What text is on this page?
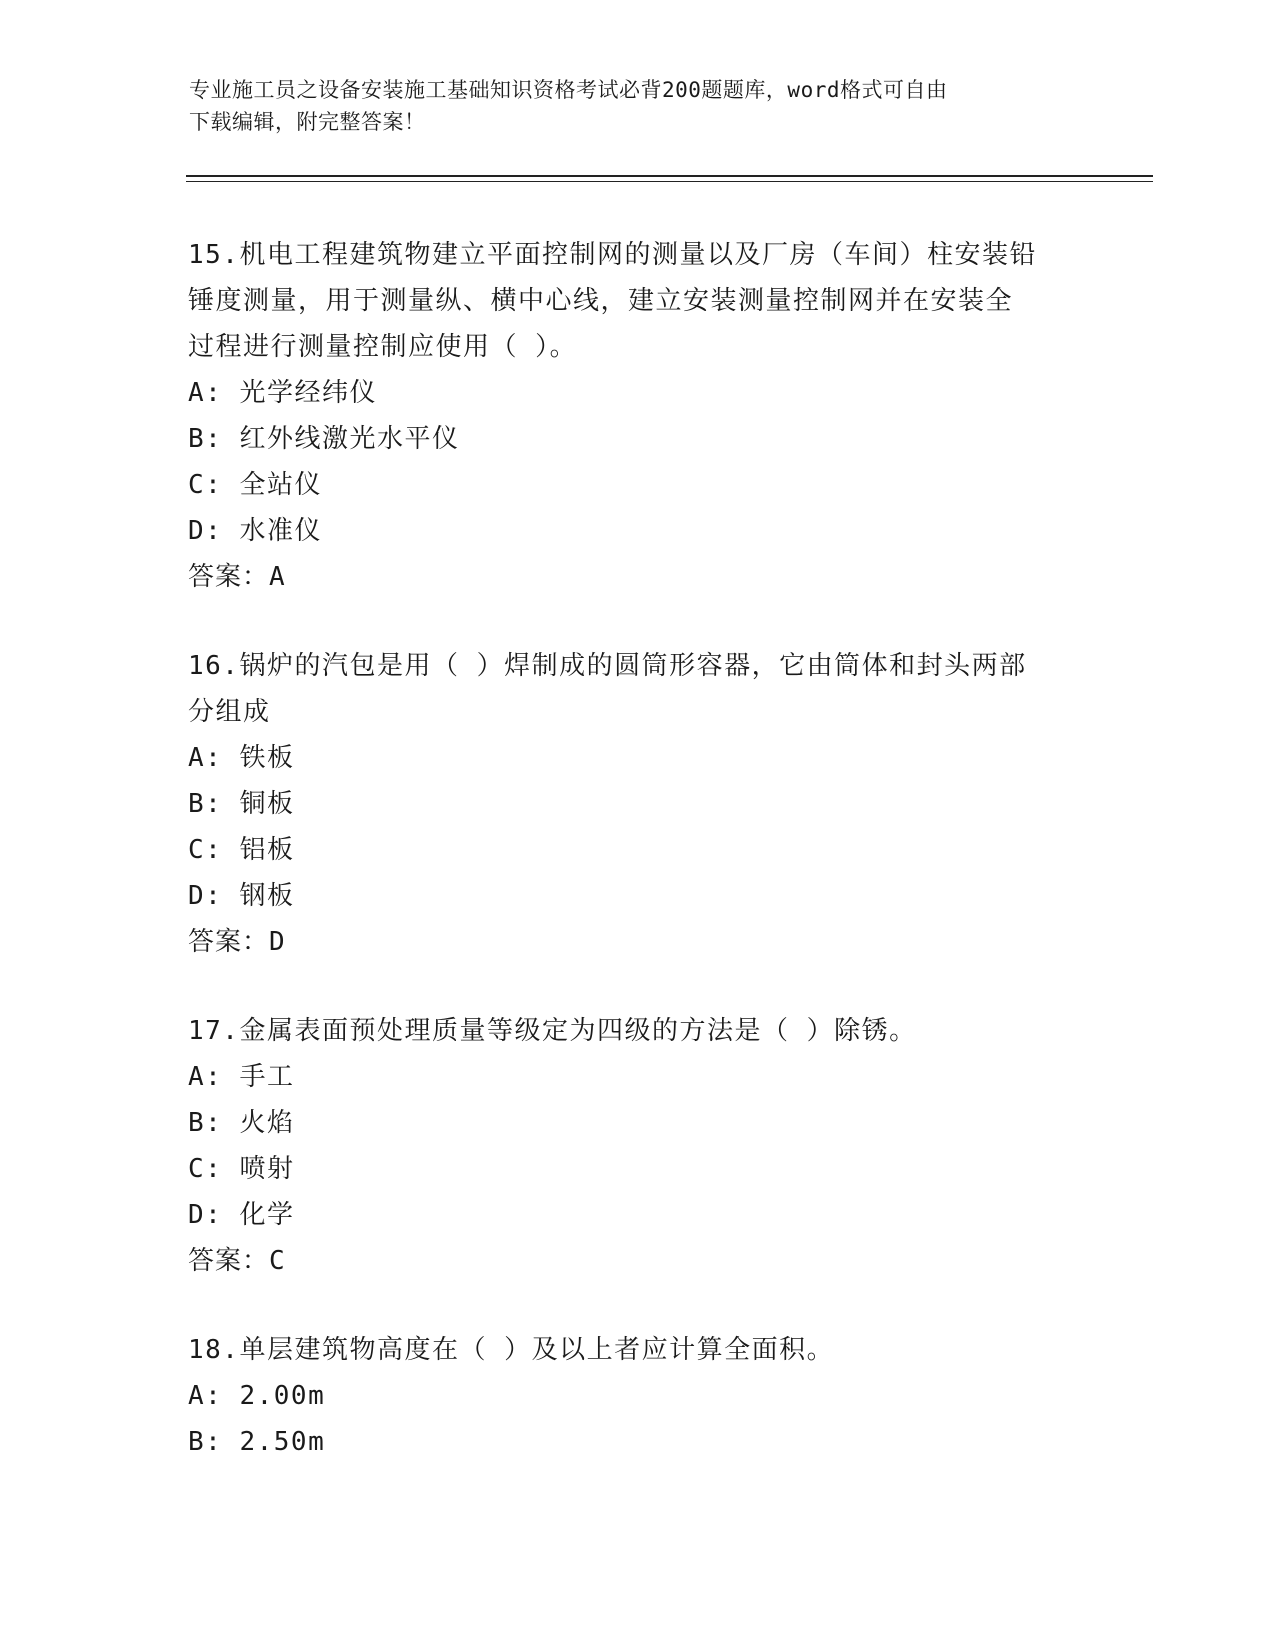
专业施工员之设备安装施工基础知识资格考试必背200题题库，word格式可自由
下载编辑，附完整答案！
15.机电工程建筑物建立平面控制网的测量以及厂房（车间）柱安装铅
锤度测量，用于测量纵、横中心线，建立安装测量控制网并在安装全
过程进行测量控制应使用（ ）。
A: 光学经纬仪
B: 红外线激光水平仪
C: 全站仪
D: 水准仪
答案：A
16.锅炉的汽包是用（ ）焊制成的圆筒形容器，它由筒体和封头两部
分组成
A: 铁板
B: 铜板
C: 铝板
D: 钢板
答案：D
17.金属表面预处理质量等级定为四级的方法是（ ）除锈。
A: 手工
B: 火焰
C: 喷射
D: 化学
答案：C
18.单层建筑物高度在（ ）及以上者应计算全面积。
A: 2.00m
B: 2.50m
